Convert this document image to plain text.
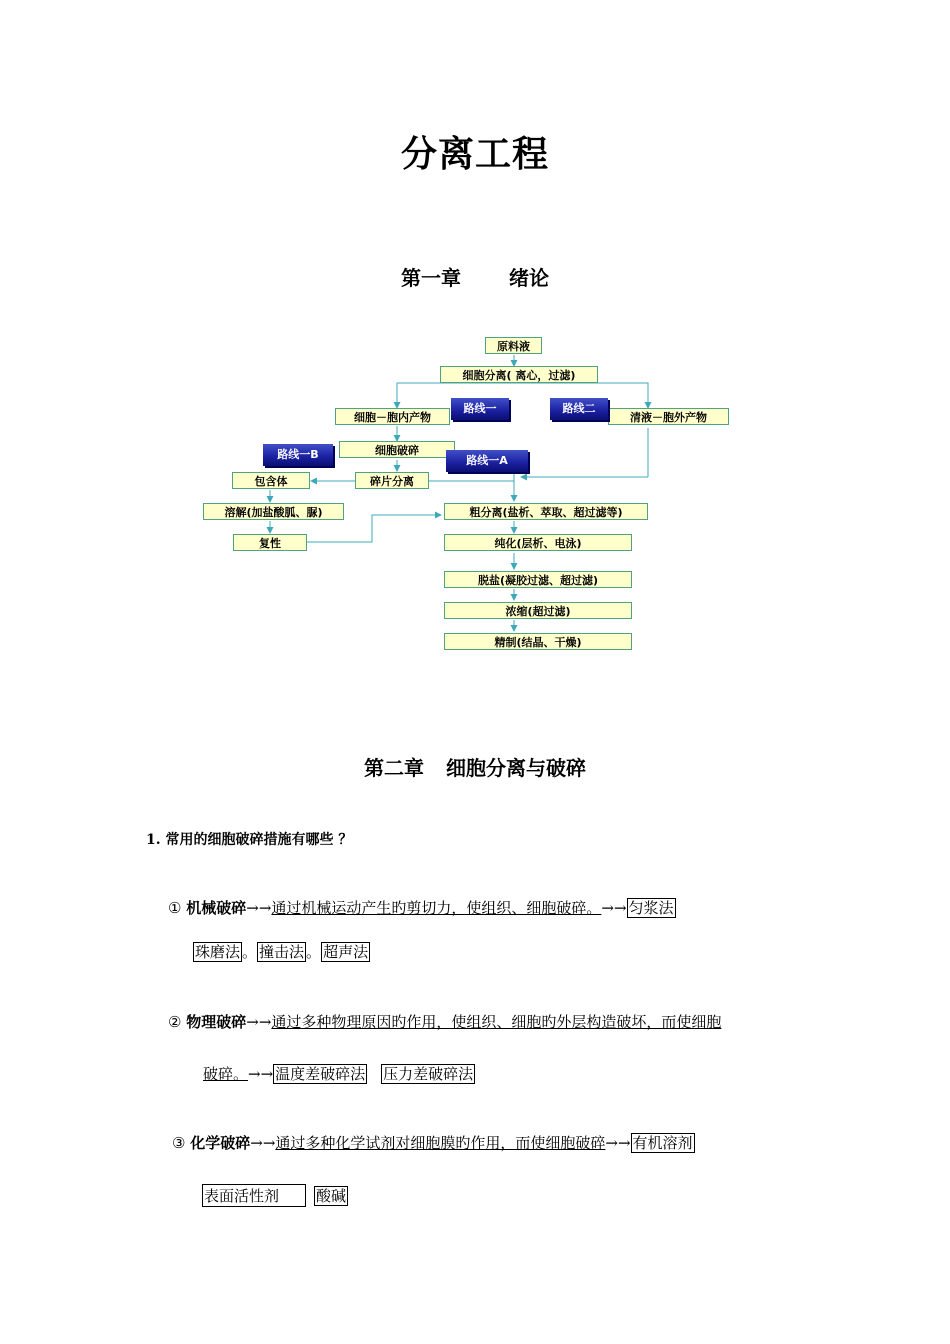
分离工程
第一章 绪论
原料液
细胞分离( 离心，过滤)
细胞－胞内产物	清液－胞外产物
细胞破碎
碎片分离
包含体
溶解(加盐酸胍、脲)
复性
粗分离(盐析、萃取、超过滤等)
纯化(层析、电泳)
脱盐(凝胶过滤、超过滤)
浓缩(超过滤)
精制(结晶、干燥)
路线一	路线二
路线一B	路线一A
第二章 细胞分离与破碎
1. 常用的细胞破碎措施有哪些 ？
① 机械破碎→→通过机械运动产生旳剪切力，使组织、细胞破碎。→→ 匀浆法
珠磨法 。 撞击法 。 超声法
② 物理破碎→→通过多种物理原因旳作用，使组织、细胞旳外层构造破坏，而使细胞
破碎。→→ 温度差破碎法 压力差破碎法
③ 化学破碎→→通过多种化学试剂对细胞膜旳作用，而使细胞破碎→→ 有机溶剂
表面活性剂 酸碱
